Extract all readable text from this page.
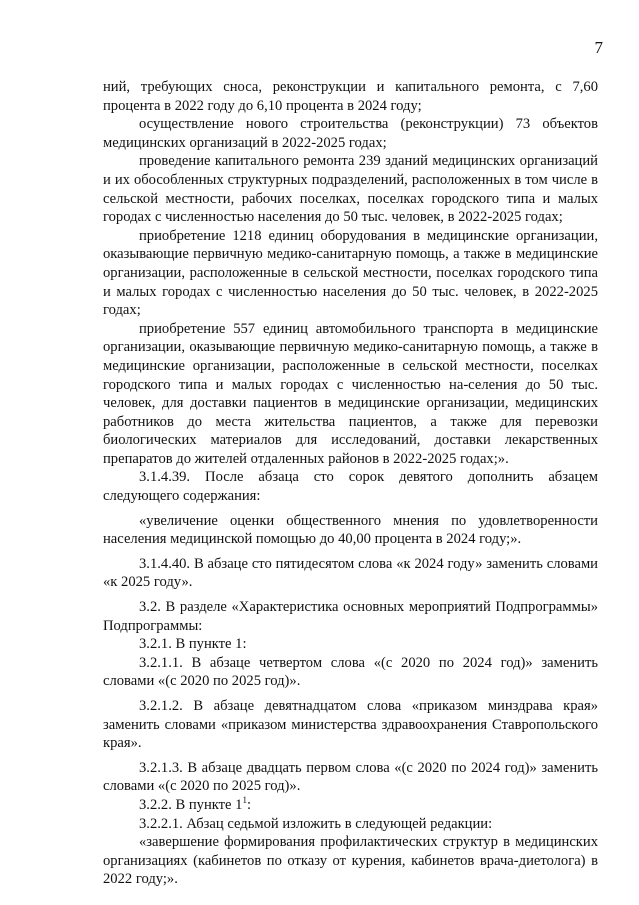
7

ний, требующих сноса, реконструкции и капитального ремонта, с 7,60 процента в 2022 году до 6,10 процента в 2024 году;

осуществление нового строительства (реконструкции) 73 объектов медицинских организаций в 2022-2025 годах;

проведение капитального ремонта 239 зданий медицинских организаций и их обособленных структурных подразделений, расположенных в том числе в сельской местности, рабочих поселках, поселках городского типа и малых городах с численностью населения до 50 тыс. человек, в 2022-2025 годах;

приобретение 1218 единиц оборудования в медицинские организации, оказывающие первичную медико-санитарную помощь, а также в медицинские организации, расположенные в сельской местности, поселках городского типа и малых городах с численностью населения до 50 тыс. человек, в 2022-2025 годах;

приобретение 557 единиц автомобильного транспорта в медицинские организации, оказывающие первичную медико-санитарную помощь, а также в медицинские организации, расположенные в сельской местности, поселках городского типа и малых городах с численностью на-селения до 50 тыс. человек, для доставки пациентов в медицинские организации, медицинских работников до места жительства пациентов, а также для перевозки биологических материалов для исследований, доставки лекарственных препаратов до жителей отдаленных районов в 2022-2025 годах;».

3.1.4.39. После абзаца сто сорок девятого дополнить абзацем следующего содержания:

«увеличение оценки общественного мнения по удовлетворенности населения медицинской помощью до 40,00 процента в 2024 году;».

3.1.4.40. В абзаце сто пятидесятом слова «к 2024 году» заменить словами «к 2025 году».

3.2. В разделе «Характеристика основных мероприятий Подпрограммы» Подпрограммы:

3.2.1. В пункте 1:

3.2.1.1. В абзаце четвертом слова «(с 2020 по 2024 год)» заменить словами «(с 2020 по 2025 год)».

3.2.1.2. В абзаце девятнадцатом слова «приказом минздрава края» заменить словами «приказом министерства здравоохранения Ставропольского края».

3.2.1.3. В абзаце двадцать первом слова «(с 2020 по 2024 год)» заменить словами «(с 2020 по 2025 год)».

3.2.2. В пункте $1^1$:

3.2.2.1. Абзац седьмой изложить в следующей редакции:

«завершение формирования профилактических структур в медицинских организациях (кабинетов по отказу от курения, кабинетов врача-диетолога) в 2022 году;».
